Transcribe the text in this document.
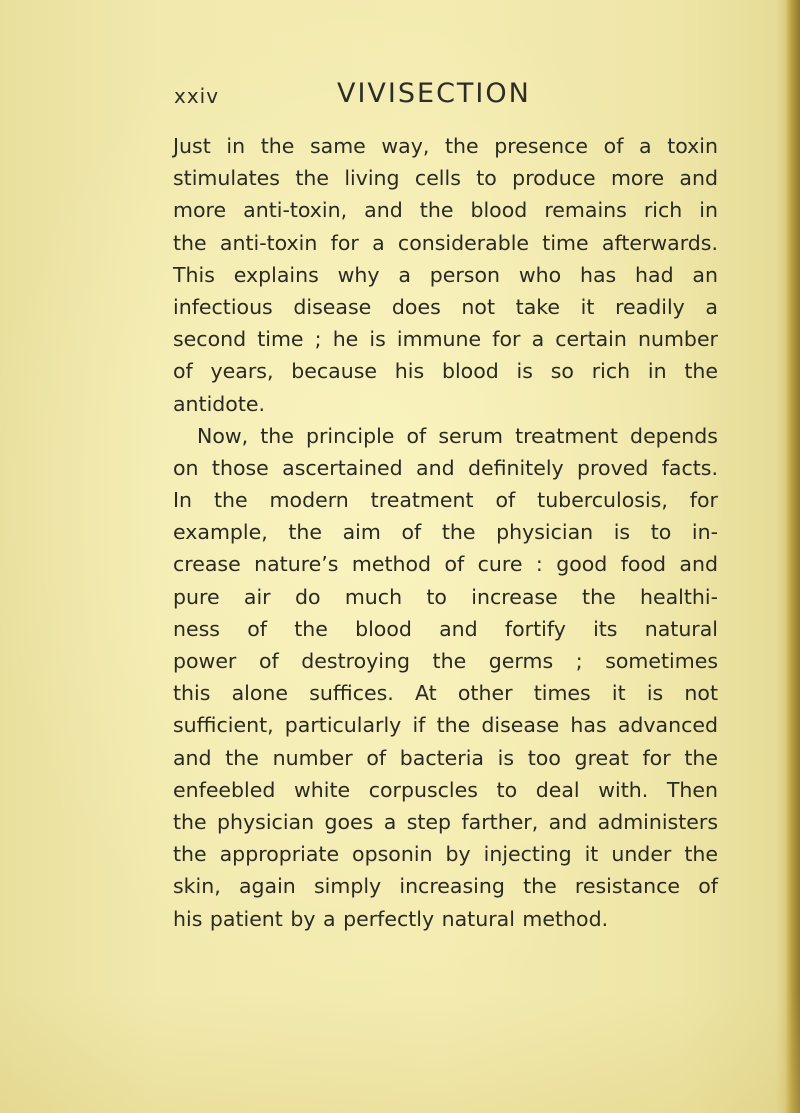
xxiv	VIVISECTION
Just in the same way, the presence of a toxin
stimulates the living cells to produce more and
more anti-toxin, and the blood remains rich in
the anti-toxin for a considerable time afterwards.
This explains why a person who has had an
infectious disease does not take it readily a
second time ; he is immune for a certain number
of years, because his blood is so rich in the
antidote.
Now, the principle of serum treatment depends
on those ascertained and definitely proved facts.
In the modern treatment of tuberculosis, for
example, the aim of the physician is to in-
crease nature’s method of cure : good food and
pure air do much to increase the healthi-
ness of the blood and fortify its natural
power of destroying the germs ; sometimes
this alone suffices. At other times it is not
sufficient, particularly if the disease has advanced
and the number of bacteria is too great for the
enfeebled white corpuscles to deal with. Then
the physician goes a step farther, and administers
the appropriate opsonin by injecting it under the
skin, again simply increasing the resistance of
his patient by a perfectly natural method.
